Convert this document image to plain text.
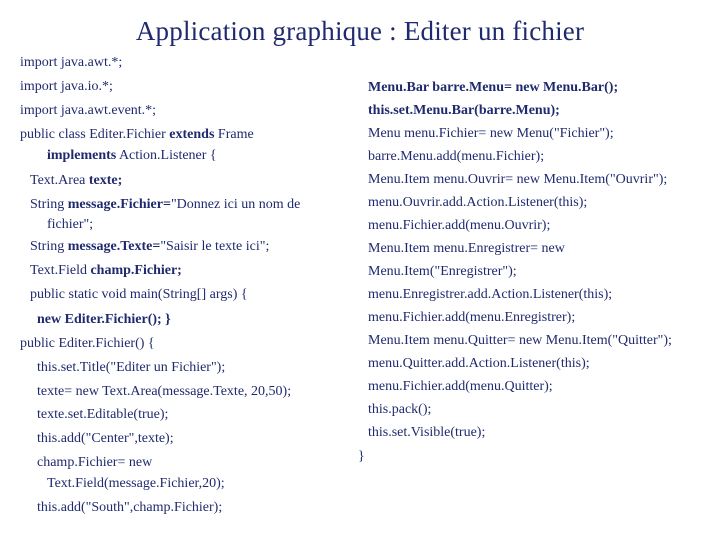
Application graphique : Editer un fichier
import java.awt.*;
import java.io.*;
import java.awt.event.*;
public class Editer.Fichier extends Frame
implements Action.Listener {
Text.Area texte;
String message.Fichier="Donnez ici un nom de
fichier";
String message.Texte="Saisir le texte ici";
Text.Field champ.Fichier;
public static void main(String[] args) {
new Editer.Fichier(); }
public Editer.Fichier() {
this.set.Title("Editer un Fichier");
texte= new Text.Area(message.Texte, 20,50);
texte.set.Editable(true);
this.add("Center",texte);
champ.Fichier= new
Text.Field(message.Fichier,20);
this.add("South",champ.Fichier);
Menu.Bar barre.Menu= new Menu.Bar();
this.set.Menu.Bar(barre.Menu);
Menu menu.Fichier= new Menu("Fichier");
barre.Menu.add(menu.Fichier);
Menu.Item menu.Ouvrir= new Menu.Item("Ouvrir");
menu.Ouvrir.add.Action.Listener(this);
menu.Fichier.add(menu.Ouvrir);
Menu.Item menu.Enregistrer= new
Menu.Item("Enregistrer");
menu.Enregistrer.add.Action.Listener(this);
menu.Fichier.add(menu.Enregistrer);
Menu.Item menu.Quitter= new Menu.Item("Quitter");
menu.Quitter.add.Action.Listener(this);
menu.Fichier.add(menu.Quitter);
this.pack();
this.set.Visible(true);
}
